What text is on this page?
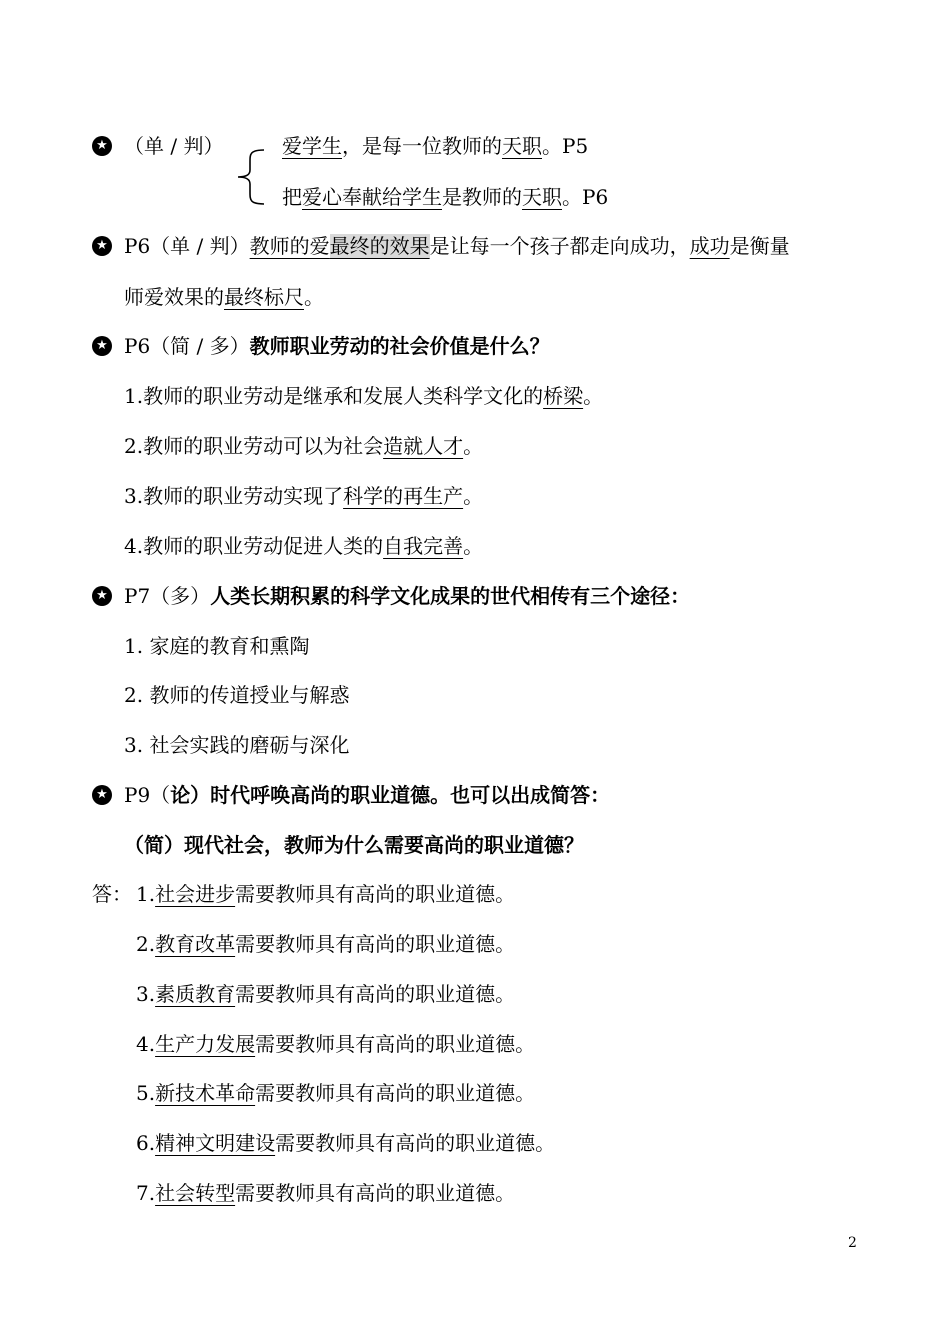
★ （单 / 判）	爱学生，是每一位教师的天职。P5
把爱心奉献给学生是教师的天职。P6
★ P6（单 / 判）教师的爱最终的效果是让每一个孩子都走向成功，成功是衡量
师爱效果的最终标尺。
★ P6（简 / 多）教师职业劳动的社会价值是什么？
1.教师的职业劳动是继承和发展人类科学文化的桥梁。
2.教师的职业劳动可以为社会造就人才。
3.教师的职业劳动实现了科学的再生产。
4.教师的职业劳动促进人类的自我完善。
★ P7（多）人类长期积累的科学文化成果的世代相传有三个途径：
1. 家庭的教育和熏陶
2. 教师的传道授业与解惑
3. 社会实践的磨砺与深化
★ P9（论）时代呼唤高尚的职业道德。也可以出成简答：
（简）现代社会，教师为什么需要高尚的职业道德？
答： 1.社会进步需要教师具有高尚的职业道德。
2.教育改革需要教师具有高尚的职业道德。
3.素质教育需要教师具有高尚的职业道德。
4.生产力发展需要教师具有高尚的职业道德。
5.新技术革命需要教师具有高尚的职业道德。
6.精神文明建设需要教师具有高尚的职业道德。
7.社会转型需要教师具有高尚的职业道德。
2
